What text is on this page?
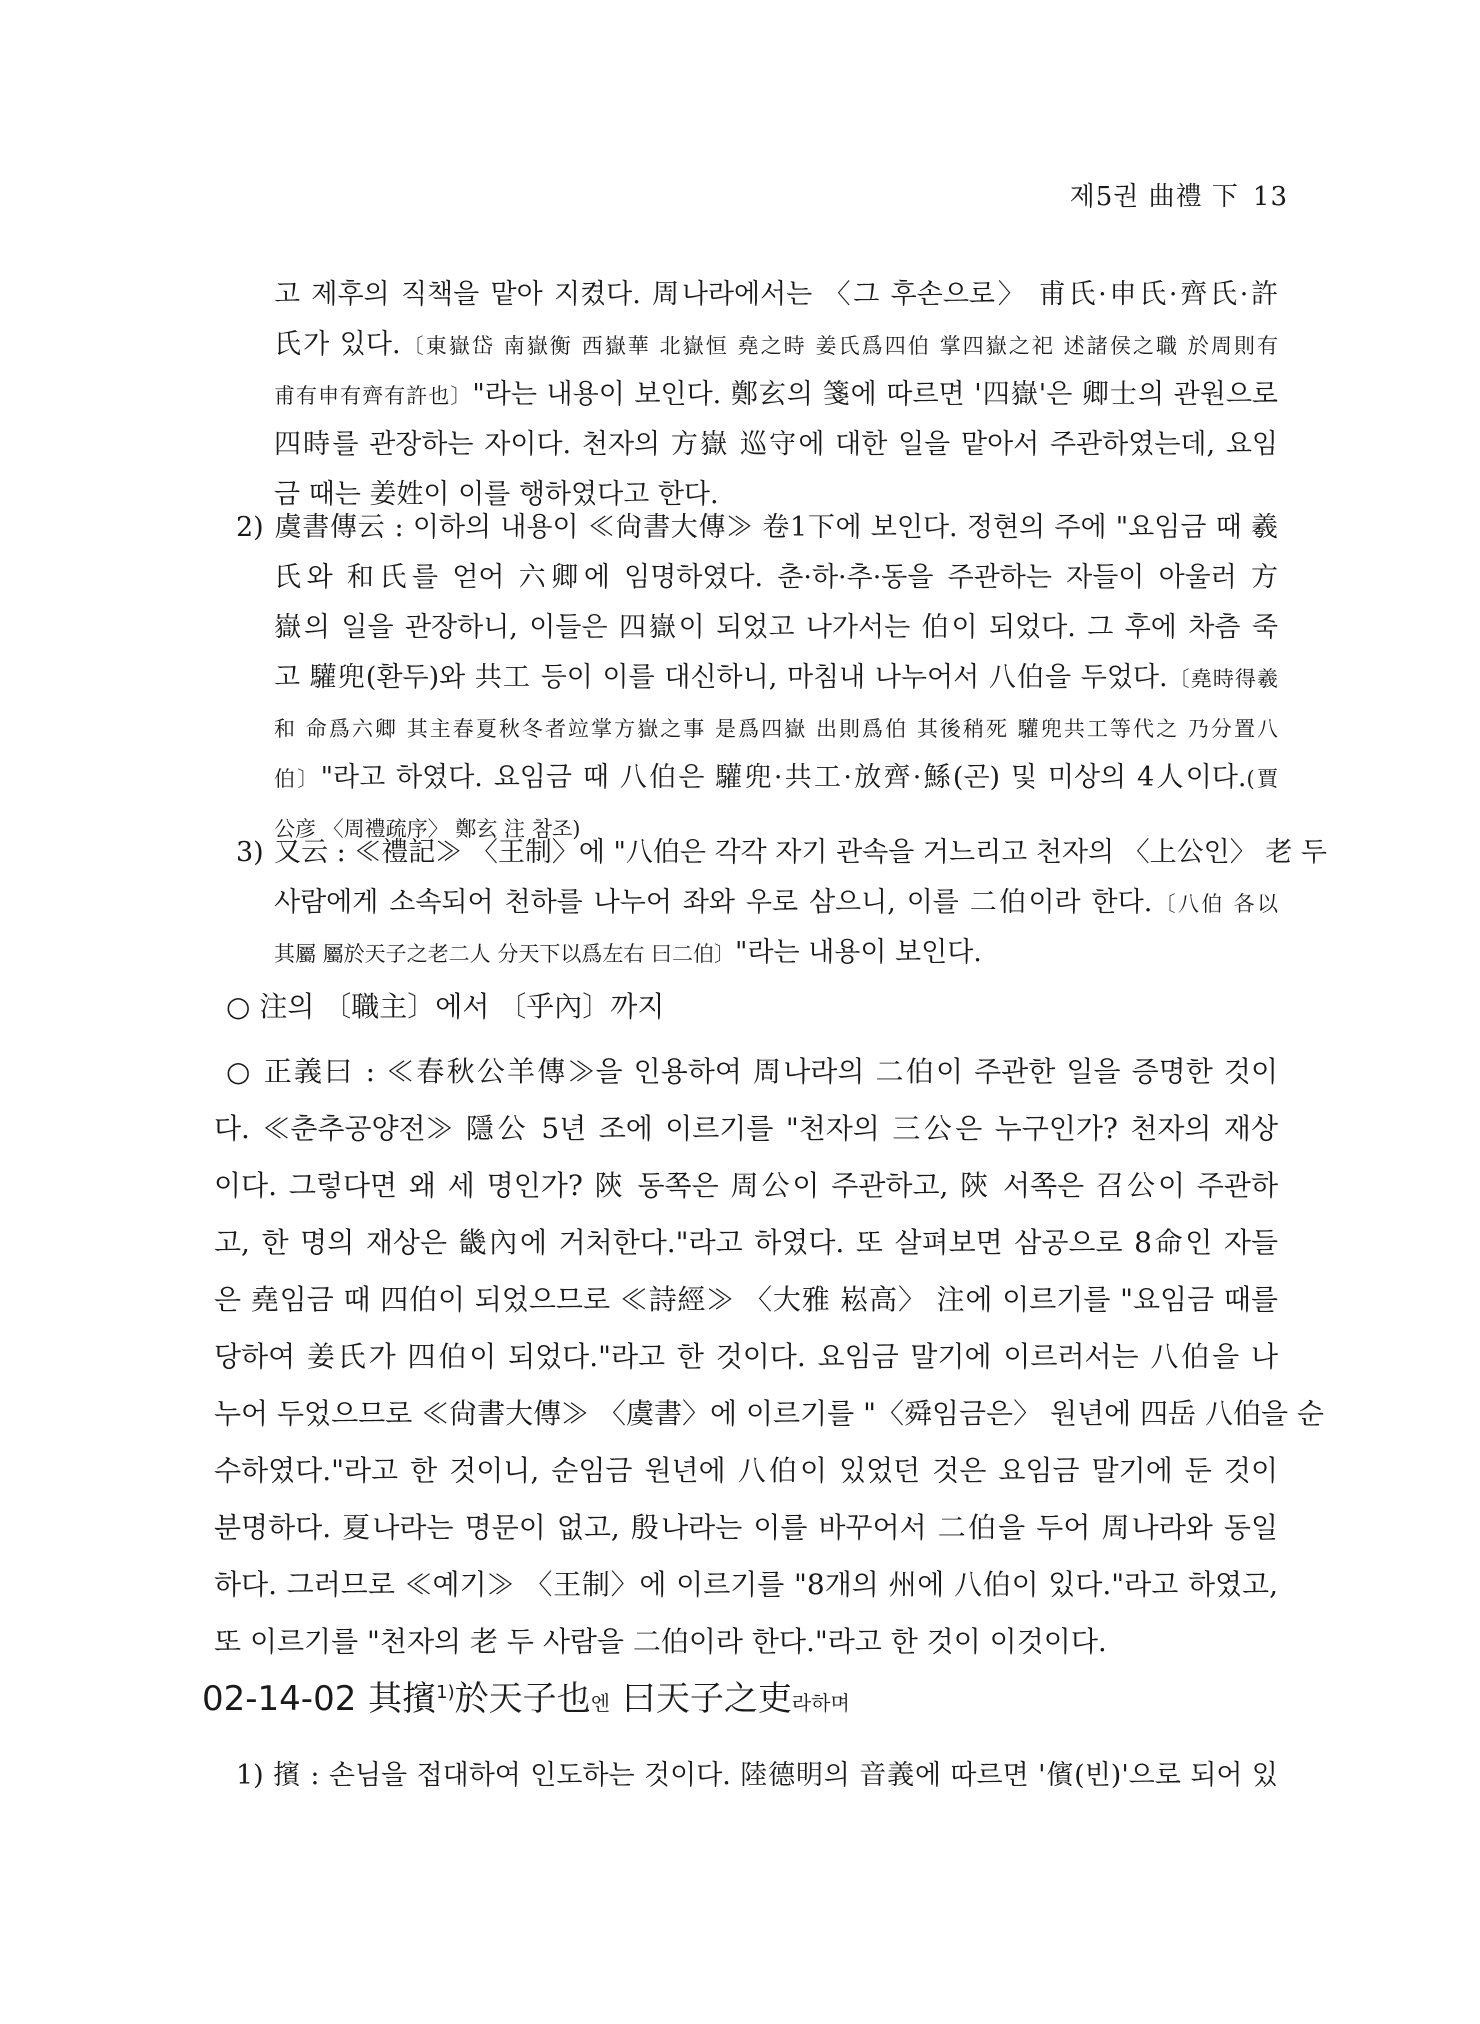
제5권 曲禮 下 13
고 제후의 직책을 맡아 지켰다. 周나라에서는 〈그 후손으로〉 甫氏·申氏·齊氏·許
氏가 있다.〔東嶽岱 南嶽衡 西嶽華 北嶽恒 堯之時 姜氏爲四伯 掌四嶽之祀 述諸侯之職 於周則有
甫有申有齊有許也〕"라는 내용이 보인다. 鄭玄의 箋에 따르면 '四嶽'은 卿士의 관원으로
四時를 관장하는 자이다. 천자의 方嶽 巡守에 대한 일을 맡아서 주관하였는데, 요임
금 때는 姜姓이 이를 행하였다고 한다.
2) 虞書傳云 : 이하의 내용이 ≪尙書大傳≫ 卷1下에 보인다. 정현의 주에 "요임금 때 羲
氏와 和氏를 얻어 六卿에 임명하였다. 춘·하·추·동을 주관하는 자들이 아울러 方
嶽의 일을 관장하니, 이들은 四嶽이 되었고 나가서는 伯이 되었다. 그 후에 차츰 죽
고 驩兜(환두)와 共工 등이 이를 대신하니, 마침내 나누어서 八伯을 두었다.〔堯時得羲
和 命爲六卿 其主春夏秋冬者竝掌方嶽之事 是爲四嶽 出則爲伯 其後稍死 驩兜共工等代之 乃分置八
伯〕"라고 하였다. 요임금 때 八伯은 驩兜·共工·放齊·鯀(곤) 및 미상의 4人이다.(賈
公彦 〈周禮疏序〉 鄭玄 注 참조)
3) 又云 : ≪禮記≫ 〈王制〉에 "八伯은 각각 자기 관속을 거느리고 천자의 〈上公인〉 老 두
사람에게 소속되어 천하를 나누어 좌와 우로 삼으니, 이를 二伯이라 한다.〔八伯 各以
其屬 屬於天子之老二人 分天下以爲左右 曰二伯〕"라는 내용이 보인다.
○ 注의 〔職主〕에서 〔乎內〕까지
○ 正義曰 : ≪春秋公羊傳≫을 인용하여 周나라의 二伯이 주관한 일을 증명한 것이
다. ≪춘추공양전≫ 隱公 5년 조에 이르기를 "천자의 三公은 누구인가? 천자의 재상
이다. 그렇다면 왜 세 명인가? 陝 동쪽은 周公이 주관하고, 陝 서쪽은 召公이 주관하
고, 한 명의 재상은 畿內에 거처한다."라고 하였다. 또 살펴보면 삼공으로 8命인 자들
은 堯임금 때 四伯이 되었으므로 ≪詩經≫ 〈大雅 崧高〉 注에 이르기를 "요임금 때를
당하여 姜氏가 四伯이 되었다."라고 한 것이다. 요임금 말기에 이르러서는 八伯을 나
누어 두었으므로 ≪尙書大傳≫ 〈虞書〉에 이르기를 "〈舜임금은〉 원년에 四岳 八伯을 순
수하였다."라고 한 것이니, 순임금 원년에 八伯이 있었던 것은 요임금 말기에 둔 것이
분명하다. 夏나라는 명문이 없고, 殷나라는 이를 바꾸어서 二伯을 두어 周나라와 동일
하다. 그러므로 ≪예기≫ 〈王制〉에 이르기를 "8개의 州에 八伯이 있다."라고 하였고,
또 이르기를 "천자의 老 두 사람을 二伯이라 한다."라고 한 것이 이것이다.
02-14-02 其擯$^{1)}$於天子也엔 曰天子之吏라하며
1) 擯 : 손님을 접대하여 인도하는 것이다. 陸德明의 音義에 따르면 '儐(빈)'으로 되어 있
